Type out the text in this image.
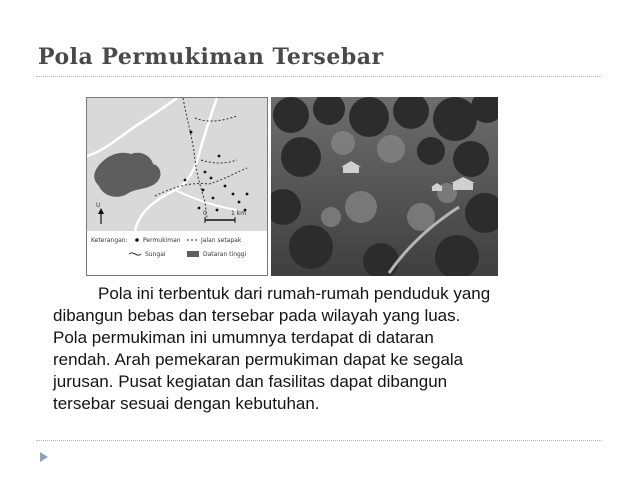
Pola Permukiman Tersebar
U
0	1 km
Keterangan:	Permukiman	Jalan setapak
Sungai	Dataran tinggi

Pola ini terbentuk dari rumah-rumah penduduk yang
dibangun bebas dan tersebar pada wilayah yang luas.
Pola permukiman ini umumnya terdapat di dataran
rendah. Arah pemekaran permukiman dapat ke segala
jurusan. Pusat kegiatan dan fasilitas dapat dibangun
tersebar sesuai dengan kebutuhan.
